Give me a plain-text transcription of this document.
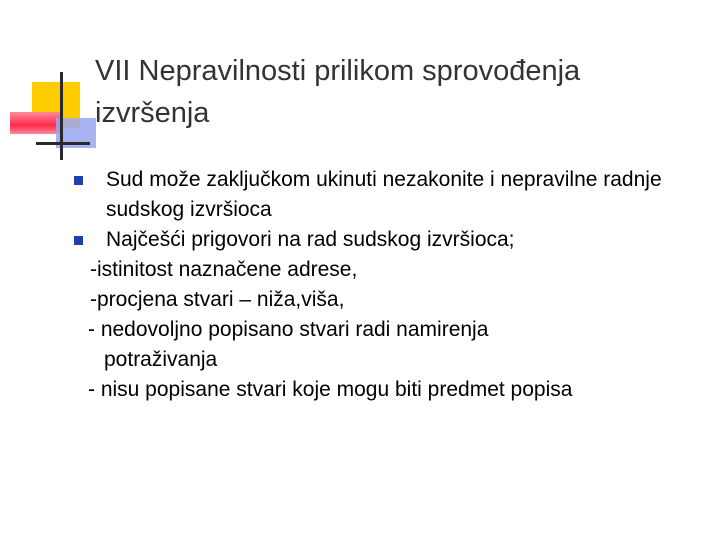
VII Nepravilnosti prilikom sprovođenja izvršenja
Sud može zaključkom ukinuti nezakonite i nepravilne radnje sudskog izvršioca
Najčešći prigovori na rad sudskog izvršioca;
-istinitost naznačene adrese,
-procjena stvari – niža,viša,
- nedovoljno popisano stvari radi namirenja
potraživanja
- nisu popisane stvari koje mogu biti predmet popisa
